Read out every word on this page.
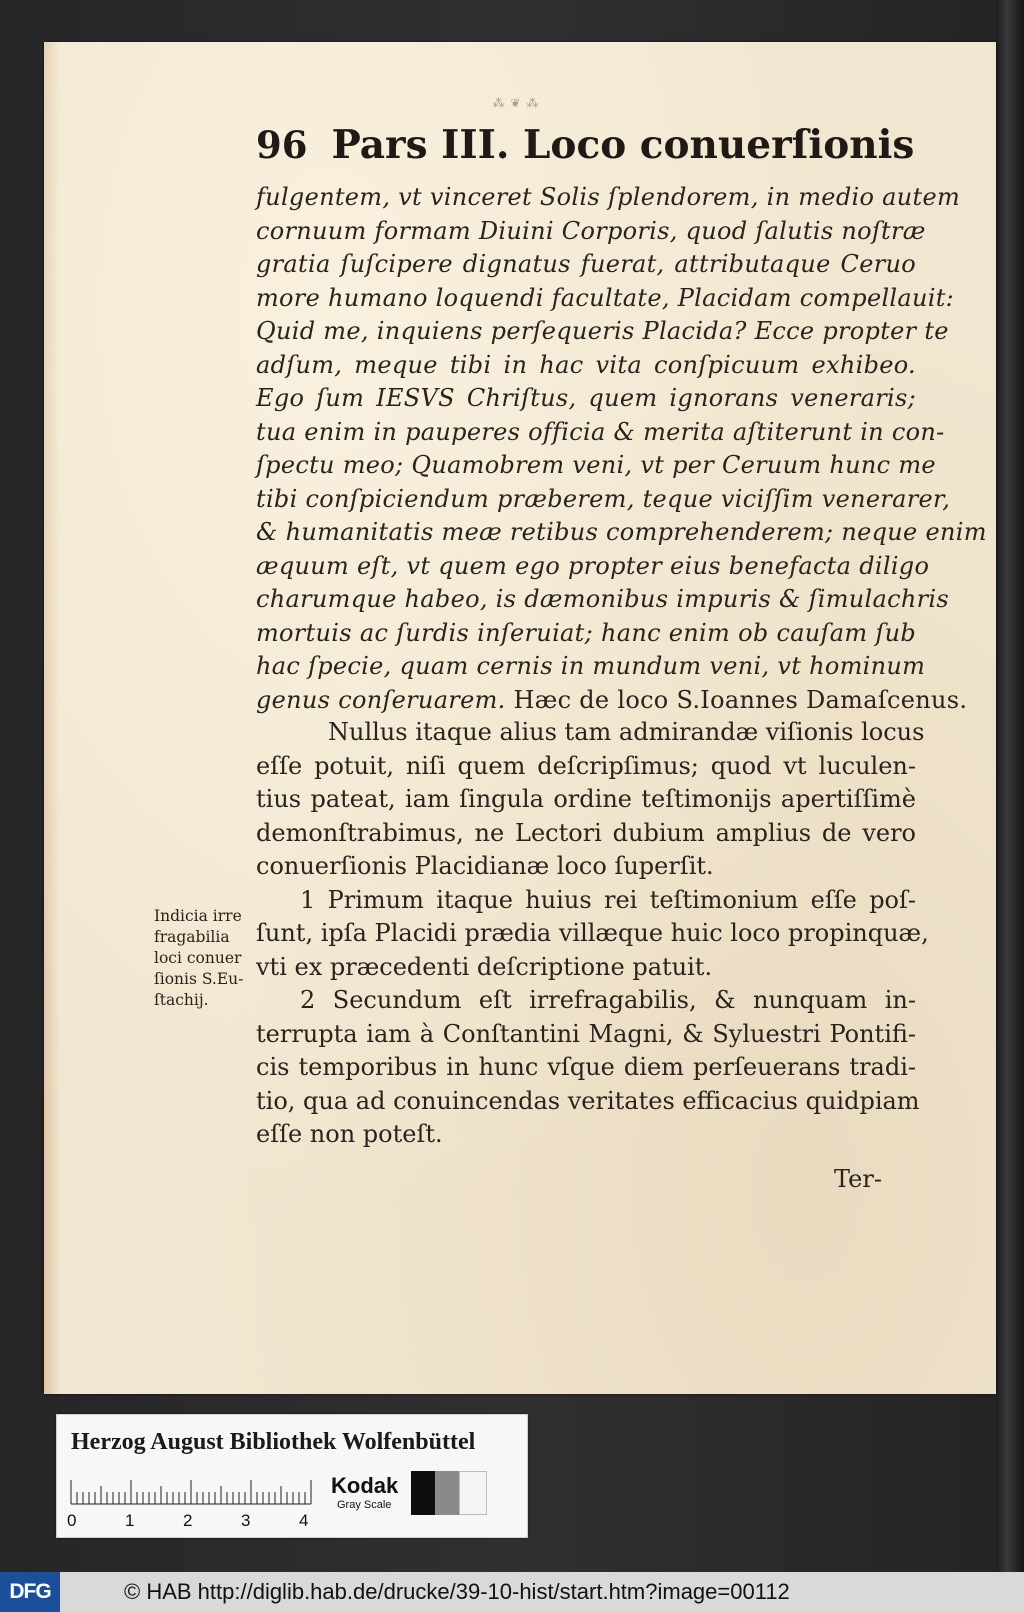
⁂ ❦ ⁂
96 Pars III. Loco conuerſionis
fulgentem, vt vinceret Solis ſplendorem, in medio autem
cornuum formam Diuini Corporis, quod ſalutis noſtræ
gratia ſuſcipere dignatus fuerat, attributaque Ceruo
more humano loquendi facultate, Placidam compellauit:
Quid me, inquiens perſequeris Placida? Ecce propter te
adſum, meque tibi in hac vita conſpicuum exhibeo.
Ego ſum IESVS Chriſtus, quem ignorans veneraris;
tua enim in pauperes officia & merita aſtiterunt in con-
ſpectu meo; Quamobrem veni, vt per Ceruum hunc me
tibi conſpiciendum præberem, teque viciſſim venerarer,
& humanitatis meæ retibus comprehenderem; neque enim
æquum eſt, vt quem ego propter eius benefacta diligo
charumque habeo, is dæmonibus impuris & ſimulachris
mortuis ac ſurdis inſeruiat; hanc enim ob cauſam ſub
hac ſpecie, quam cernis in mundum veni, vt hominum
genus conſeruarem. Hæc de loco S.Ioannes Damaſcenus.
Nullus itaque alius tam admirandæ viſionis locus
eſſe potuit, niſi quem deſcripſimus; quod vt luculen-
tius pateat, iam ſingula ordine teſtimonijs apertiſſimè
demonſtrabimus, ne Lectori dubium amplius de vero
conuerſionis Placidianæ loco ſuperſit.
1 Primum itaque huius rei teſtimonium eſſe poſ-
ſunt, ipſa Placidi prædia villæque huic loco propinquæ,
vti ex præcedenti deſcriptione patuit.
2 Secundum eſt irrefragabilis, & nunquam in-
terrupta iam à Conſtantini Magni, & Syluestri Pontifi-
cis temporibus in hunc vſque diem perſeuerans tradi-
tio, qua ad conuincendas veritates efficacius quidpiam
eſſe non poteſt.
Indicia irre
fragabilia
loci conuer
ſionis S.Eu-
ſtachij.
Ter-
Herzog August Bibliothek Wolfenbüttel
0	1	2	3	4
Kodak
Gray Scale
DFG	© HAB http://diglib.hab.de/drucke/39-10-hist/start.htm?image=00112
